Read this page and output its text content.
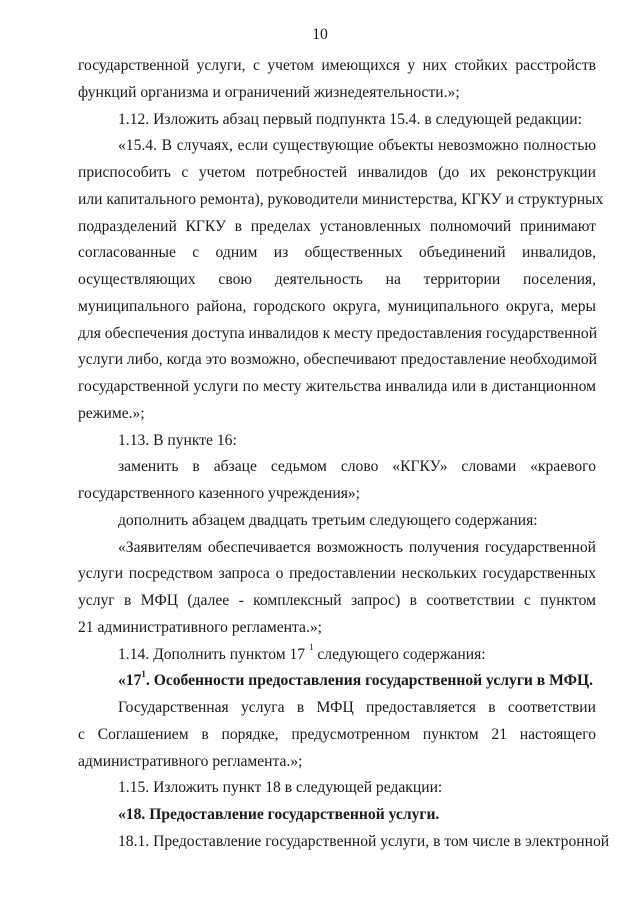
10
государственной услуги, с учетом имеющихся у них стойких расстройств
функций организма и ограничений жизнедеятельности.»;
1.12. Изложить абзац первый подпункта 15.4. в следующей редакции:
«15.4. В случаях, если существующие объекты невозможно полностью
приспособить с учетом потребностей инвалидов (до их реконструкции
или капитального ремонта), руководители министерства, КГКУ и структурных
подразделений КГКУ в пределах установленных полномочий принимают
согласованные с одним из общественных объединений инвалидов,
осуществляющих свою деятельность на территории поселения,
муниципального района, городского округа, муниципального округа, меры
для обеспечения доступа инвалидов к месту предоставления государственной
услуги либо, когда это возможно, обеспечивают предоставление необходимой
государственной услуги по месту жительства инвалида или в дистанционном
режиме.»;
1.13. В пункте 16:
заменить в абзаце седьмом слово «КГКУ» словами «краевого
государственного казенного учреждения»;
дополнить абзацем двадцать третьим следующего содержания:
«Заявителям обеспечивается возможность получения государственной
услуги посредством запроса о предоставлении нескольких государственных
услуг в МФЦ (далее - комплексный запрос) в соответствии с пунктом
21 административного регламента.»;
1.14. Дополнить пунктом 17 $^1$ следующего содержания:
«$17^1$. Особенности предоставления государственной услуги в МФЦ.
Государственная услуга в МФЦ предоставляется в соответствии
с Соглашением в порядке, предусмотренном пунктом 21 настоящего
административного регламента.»;
1.15. Изложить пункт 18 в следующей редакции:
«18. Предоставление государственной услуги.
18.1. Предоставление государственной услуги, в том числе в электронной
